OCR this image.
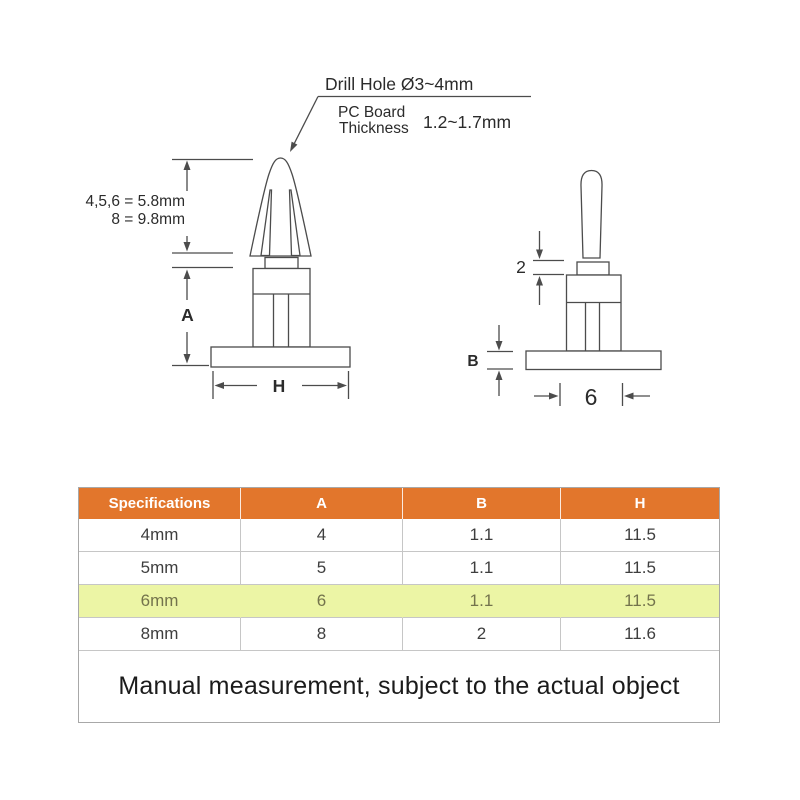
Drill Hole Ø3~4mm
PC Board
Thickness 1.2~1.7mm
4,5,6 = 5.8mm
8 = 9.8mm
A
H
2
B
6
Specifications	A	B	H
4mm	4	1.1	11.5
5mm	5	1.1	11.5
6mm	6	1.1	11.5
8mm	8	2	11.6
Manual measurement, subject to the actual object			
